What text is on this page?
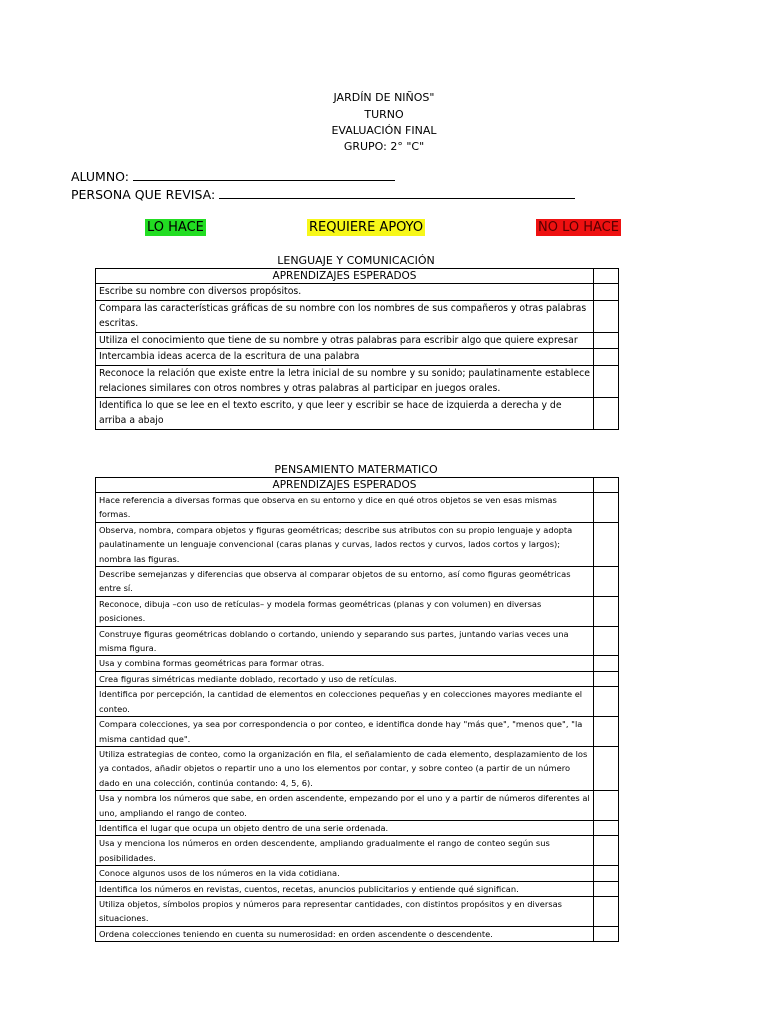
JARDÍN DE NIÑOS"
TURNO
EVALUACIÓN FINAL
GRUPO: 2° "C"
ALUMNO:
PERSONA QUE REVISA:
LO HACE	REQUIERE APOYO	NO LO HACE
LENGUAJE Y COMUNICACIÓN
APRENDIZAJES ESPERADOS	
Escribe su nombre con diversos propósitos.	
Compara las características gráficas de su nombre con los nombres de sus compañeros y otras palabras escritas.	
Utiliza el conocimiento que tiene de su nombre y otras palabras para escribir algo que quiere expresar	
Intercambia ideas acerca de la escritura de una palabra	
Reconoce la relación que existe entre la letra inicial de su nombre y su sonido; paulatinamente establece relaciones similares con otros nombres y otras palabras al participar en juegos orales.	
Identifica lo que se lee en el texto escrito, y que leer y escribir se hace de izquierda a derecha y de arriba a abajo	
PENSAMIENTO MATERMATICO
APRENDIZAJES ESPERADOS	
Hace referencia a diversas formas que observa en su entorno y dice en qué otros objetos se ven esas mismas formas.	
Observa, nombra, compara objetos y figuras geométricas; describe sus atributos con su propio lenguaje y adopta paulatinamente un lenguaje convencional (caras planas y curvas, lados rectos y curvos, lados cortos y largos); nombra las figuras.	
Describe semejanzas y diferencias que observa al comparar objetos de su entorno, así como figuras geométricas entre sí.	
Reconoce, dibuja –con uso de retículas– y modela formas geométricas (planas y con volumen) en diversas posiciones.	
Construye figuras geométricas doblando o cortando, uniendo y separando sus partes, juntando varias veces una misma figura.	
Usa y combina formas geométricas para formar otras.	
Crea figuras simétricas mediante doblado, recortado y uso de retículas.	
Identifica por percepción, la cantidad de elementos en colecciones pequeñas y en colecciones mayores mediante el conteo.	
Compara colecciones, ya sea por correspondencia o por conteo, e identifica donde hay "más que", "menos que", "la misma cantidad que".	
Utiliza estrategias de conteo, como la organización en fila, el señalamiento de cada elemento, desplazamiento de los ya contados, añadir objetos o repartir uno a uno los elementos por contar, y sobre conteo (a partir de un número dado en una colección, continúa contando: 4, 5, 6).	
Usa y nombra los números que sabe, en orden ascendente, empezando por el uno y a partir de números diferentes al uno, ampliando el rango de conteo.	
Identifica el lugar que ocupa un objeto dentro de una serie ordenada.	
Usa y menciona los números en orden descendente, ampliando gradualmente el rango de conteo según sus posibilidades.	
Conoce algunos usos de los números en la vida cotidiana.	
Identifica los números en revistas, cuentos, recetas, anuncios publicitarios y entiende qué significan.	
Utiliza objetos, símbolos propios y números para representar cantidades, con distintos propósitos y en diversas situaciones.	
Ordena colecciones teniendo en cuenta su numerosidad: en orden ascendente o descendente.	
